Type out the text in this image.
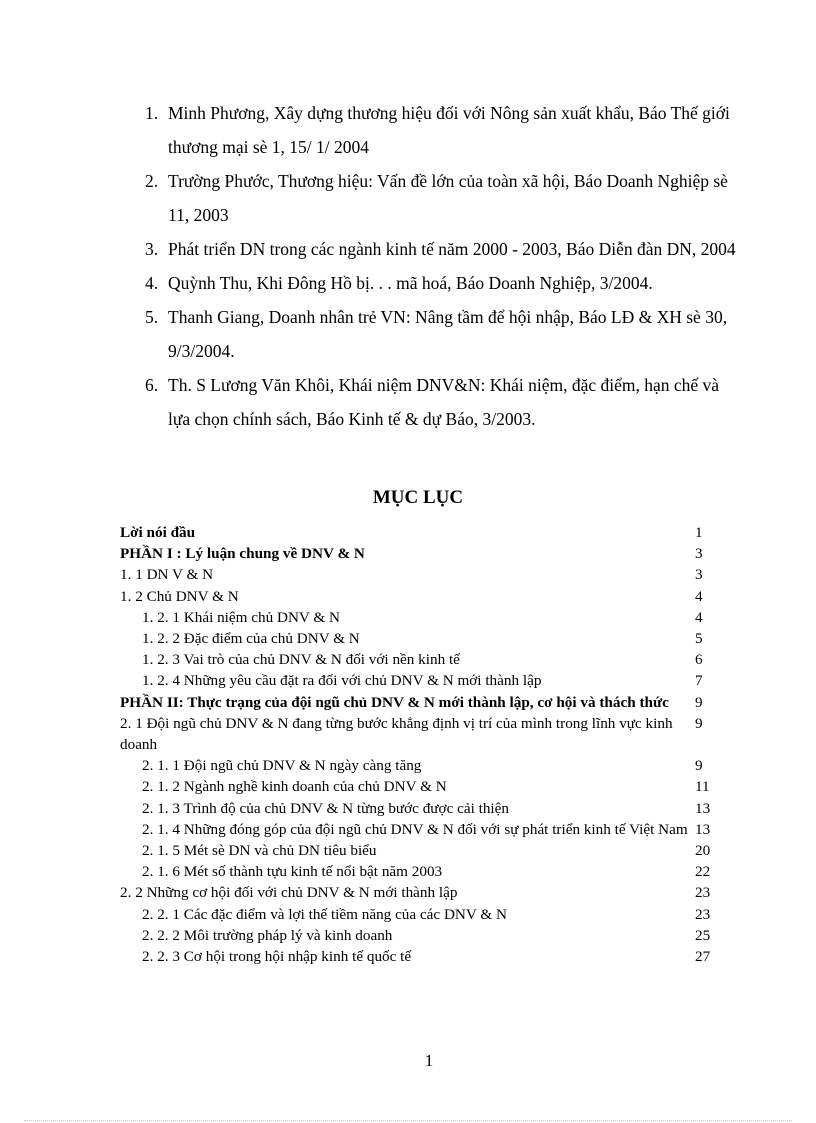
1. Minh Phương, Xây dựng thương hiệu đối với Nông sản xuất khẩu, Báo Thế giới thương mại sè 1, 15/ 1/ 2004
2. Trường Phước, Thương hiệu: Vấn đề lớn của toàn xã hội, Báo Doanh Nghiệp sè 11, 2003
3. Phát triển DN trong các ngành kinh tế năm 2000 - 2003, Báo Diễn đàn DN, 2004
4. Quỳnh Thu, Khi Đông Hồ bị. . . mã hoá, Báo Doanh Nghiệp, 3/2004.
5. Thanh Giang, Doanh nhân trẻ VN: Nâng tầm để hội nhập, Báo LĐ & XH sè 30, 9/3/2004.
6. Th. S Lương Văn Khôi, Khái niệm DNV&N: Khái niệm, đặc điểm, hạn chế và lựa chọn chính sách, Báo Kinh tế & dự Báo, 3/2003.
MỤC LỤC
Lời nói đầu	1
PHẦN I : Lý luận chung về DNV & N	3
1. 1 DN V & N	3
1. 2 Chủ DNV & N	4
1. 2. 1 Khái niệm chủ DNV & N	4
1. 2. 2 Đặc điểm của chủ DNV & N	5
1. 2. 3 Vai trò của chủ DNV & N đối với nền kinh tế	6
1. 2. 4 Những yêu cầu đặt ra đối với chủ DNV & N mới thành lập	7
PHẦN II: Thực trạng của đội ngũ chủ DNV & N mới thành lập, cơ hội và thách thức	9
2. 1 Đội ngũ chủ DNV & N đang từng bước khẳng định vị trí của mình trong lĩnh vực kinh doanh
9
2. 1. 1 Đội ngũ chủ DNV & N ngày càng tăng	9
2. 1. 2 Ngành nghề kinh doanh của chủ DNV & N	11
2. 1. 3 Trình độ của chủ DNV & N từng bước được cải thiện	13
2. 1. 4 Những đóng góp của đội ngũ chủ DNV & N đối với sự phát triển kinh tế Việt Nam 13
2. 1. 5 Mét sè DN và chủ DN tiêu biểu	20
2. 1. 6 Mét số thành tựu kinh tế nổi bật năm 2003	22
2. 2 Những cơ hội đối với chủ DNV & N mới thành lập	23
2. 2. 1 Các đặc điểm và lợi thế tiềm năng của các DNV & N	23
2. 2. 2 Môi trường pháp lý và kinh doanh	25
2. 2. 3 Cơ hội trong hội nhập kinh tế quốc tế	27
1
